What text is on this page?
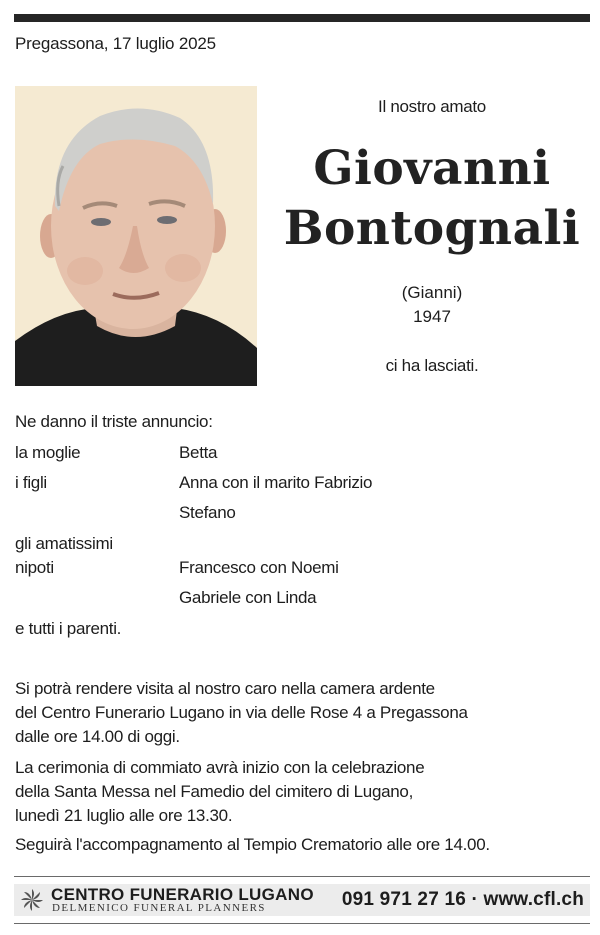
Pregassona, 17 luglio 2025
Il nostro amato
Giovanni
Bontognali
(Gianni)
1947
ci ha lasciati.
Ne danno il triste annuncio:
la moglie	Betta
i figli	Anna con il marito Fabrizio
Stefano
gli amatissimi
nipoti	Francesco con Noemi
Gabriele con Linda
e tutti i parenti.
Si potrà rendere visita al nostro caro nella camera ardente
del Centro Funerario Lugano in via delle Rose 4 a Pregassona
dalle ore 14.00 di oggi.
La cerimonia di commiato avrà inizio con la celebrazione
della Santa Messa nel Famedio del cimitero di Lugano,
lunedì 21 luglio alle ore 13.30.
Seguirà l'accompagnamento al Tempio Crematorio alle ore 14.00.
CENTRO FUNERARIO LUGANO
DELMENICO FUNERAL PLANNERS	091 971 27 16 · www.cfl.ch
